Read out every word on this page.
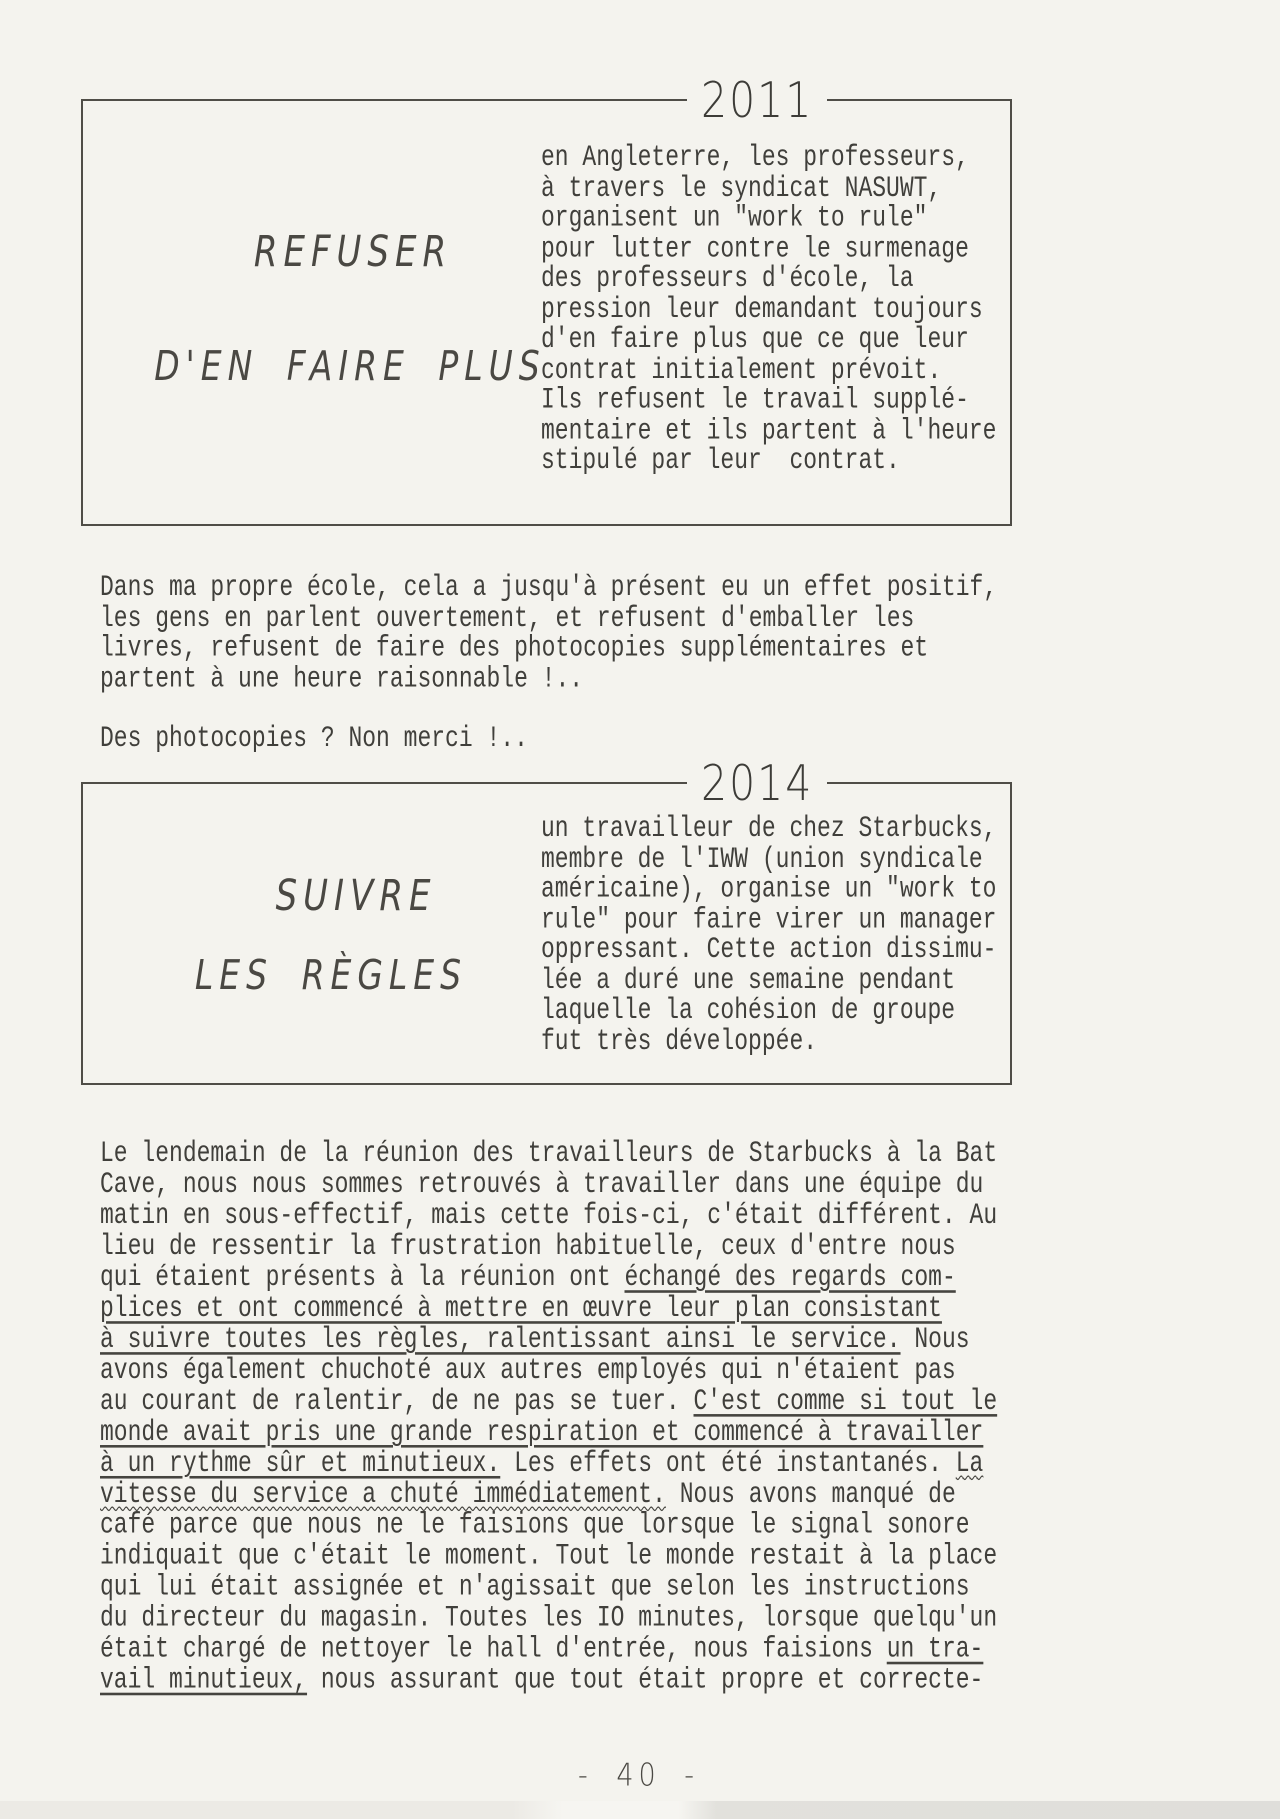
2011
REFUSER
D'EN FAIRE PLUS
en Angleterre, les professeurs,
à travers le syndicat NASUWT,
organisent un "work to rule"
pour lutter contre le surmenage
des professeurs d'école, la
pression leur demandant toujours
d'en faire plus que ce que leur
contrat initialement prévoit.
Ils refusent le travail supplé-
mentaire et ils partent à l'heure
stipulé par leur  contrat.
Dans ma propre école, cela a jusqu'à présent eu un effet positif,
les gens en parlent ouvertement, et refusent d'emballer les
livres, refusent de faire des photocopies supplémentaires et
partent à une heure raisonnable !..
Des photocopies ? Non merci !..
2014
SUIVRE
LES RÈGLES
un travailleur de chez Starbucks,
membre de l'IWW (union syndicale
américaine), organise un "work to
rule" pour faire virer un manager
oppressant. Cette action dissimu-
lée a duré une semaine pendant
laquelle la cohésion de groupe
fut très développée.
Le lendemain de la réunion des travailleurs de Starbucks à la Bat
Cave, nous nous sommes retrouvés à travailler dans une équipe du
matin en sous-effectif, mais cette fois-ci, c'était différent. Au
lieu de ressentir la frustration habituelle, ceux d'entre nous
qui étaient présents à la réunion ont échangé des regards com-
plices et ont commencé à mettre en œuvre leur plan consistant
à suivre toutes les règles, ralentissant ainsi le service. Nous
avons également chuchoté aux autres employés qui n'étaient pas
au courant de ralentir, de ne pas se tuer. C'est comme si tout le
monde avait pris une grande respiration et commencé à travailler
à un rythme sûr et minutieux. Les effets ont été instantanés. La
vitesse du service a chuté immédiatement. Nous avons manqué de
café parce que nous ne le faisions que lorsque le signal sonore
indiquait que c'était le moment. Tout le monde restait à la place
qui lui était assignée et n'agissait que selon les instructions
du directeur du magasin. Toutes les IO minutes, lorsque quelqu'un
était chargé de nettoyer le hall d'entrée, nous faisions un tra-
vail minutieux, nous assurant que tout était propre et correcte-
- 40 -
